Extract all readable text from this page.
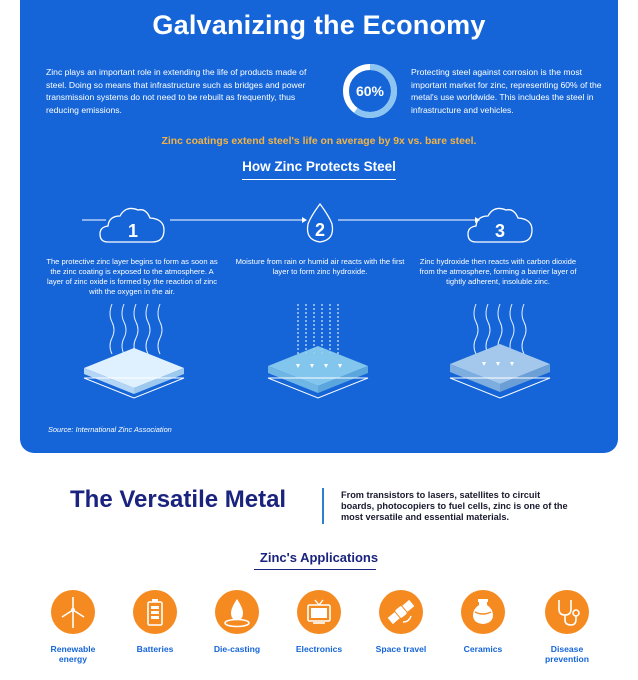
Galvanizing the Economy
Zinc plays an important role in extending the life of products made of steel. Doing so means that infrastructure such as bridges and power transmission systems do not need to be rebuilt as frequently, thus reducing emissions.
60%
Protecting steel against corrosion is the most important market for zinc, representing 60% of the metal's use worldwide. This includes the steel in infrastructure and vehicles.
Zinc coatings extend steel's life on average by 9x vs. bare steel.
How Zinc Protects Steel
1	2	3
The protective zinc layer begins to form as soon as the zinc coating is exposed to the atmosphere. A layer of zinc oxide is formed by the reaction of zinc with the oxygen in the air.
Moisture from rain or humid air reacts with the first layer to form zinc hydroxide.
Zinc hydroxide then reacts with carbon dioxide from the atmosphere, forming a barrier layer of tightly adherent, insoluble zinc.
Source: International Zinc Association
The Versatile Metal	From transistors to lasers, satellites to circuit boards, photocopiers to fuel cells, zinc is one of the most versatile and essential materials.
Zinc's Applications
Renewable energy
Batteries	Die-casting	Electronics	Space travel	Ceramics	Disease prevention
